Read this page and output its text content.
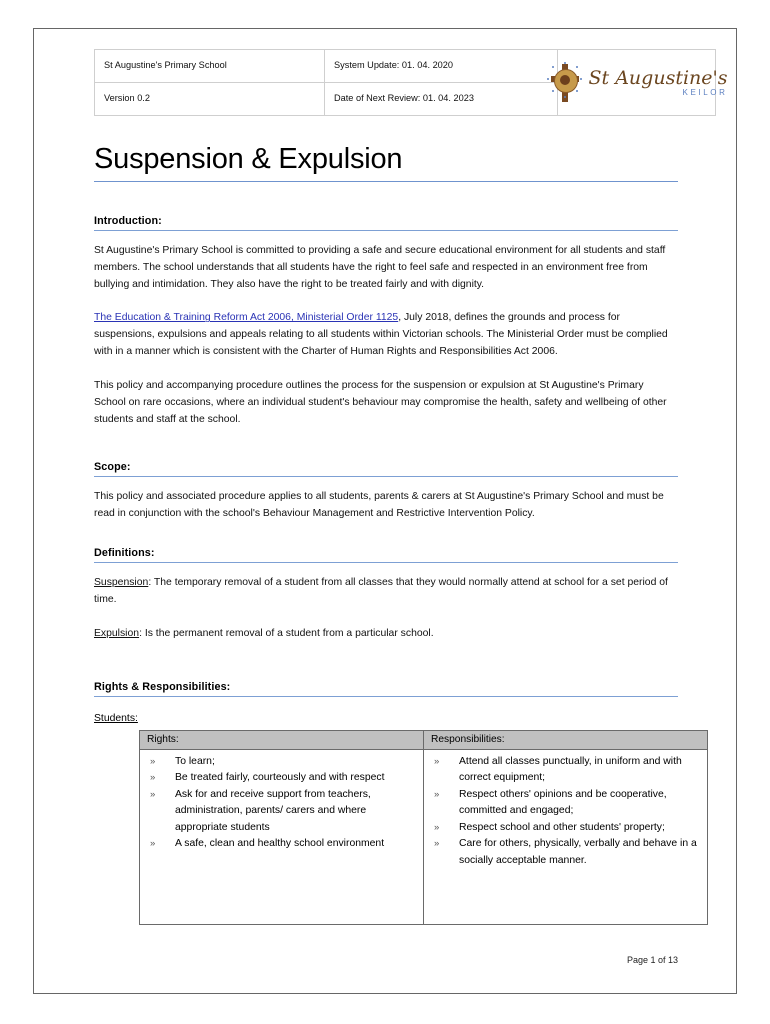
St Augustine's Primary School	System Update: 01. 04. 2020	St Augustine's
KEILOR

Version 0.2	Date of Next Review: 01. 04. 2023	
Suspension & Expulsion
Introduction:

St Augustine's Primary School is committed to providing a safe and secure educational environment for all students and staff members. The school understands that all students have the right to feel safe and respected in an environment free from bullying and intimidation. They also have the right to be treated fairly and with dignity.

The Education & Training Reform Act 2006, Ministerial Order 1125, July 2018, defines the grounds and process for suspensions, expulsions and appeals relating to all students within Victorian schools. The Ministerial Order must be complied with in a manner which is consistent with the Charter of Human Rights and Responsibilities Act 2006.

This policy and accompanying procedure outlines the process for the suspension or expulsion at St Augustine's Primary School on rare occasions, where an individual student's behaviour may compromise the health, safety and wellbeing of other students and staff at the school.

Scope:

This policy and associated procedure applies to all students, parents & carers at St Augustine's Primary School and must be read in conjunction with the school's Behaviour Management and Restrictive Intervention Policy.

Definitions:

Suspension: The temporary removal of a student from all classes that they would normally attend at school for a set period of time.

Expulsion: Is the permanent removal of a student from a particular school.

Rights & Responsibilities:
Students:
Rights:	Responsibilities:

» To learn;
» Be treated fairly, courteously and with respect
» Ask for and receive support from teachers, administration, parents/ carers and where appropriate students
» A safe, clean and healthy school environment

» Attend all classes punctually, in uniform and with correct equipment;
» Respect others' opinions and be cooperative, committed and engaged;
» Respect school and other students' property;
» Care for others, physically, verbally and behave in a socially acceptable manner.
Page 1 of 13
